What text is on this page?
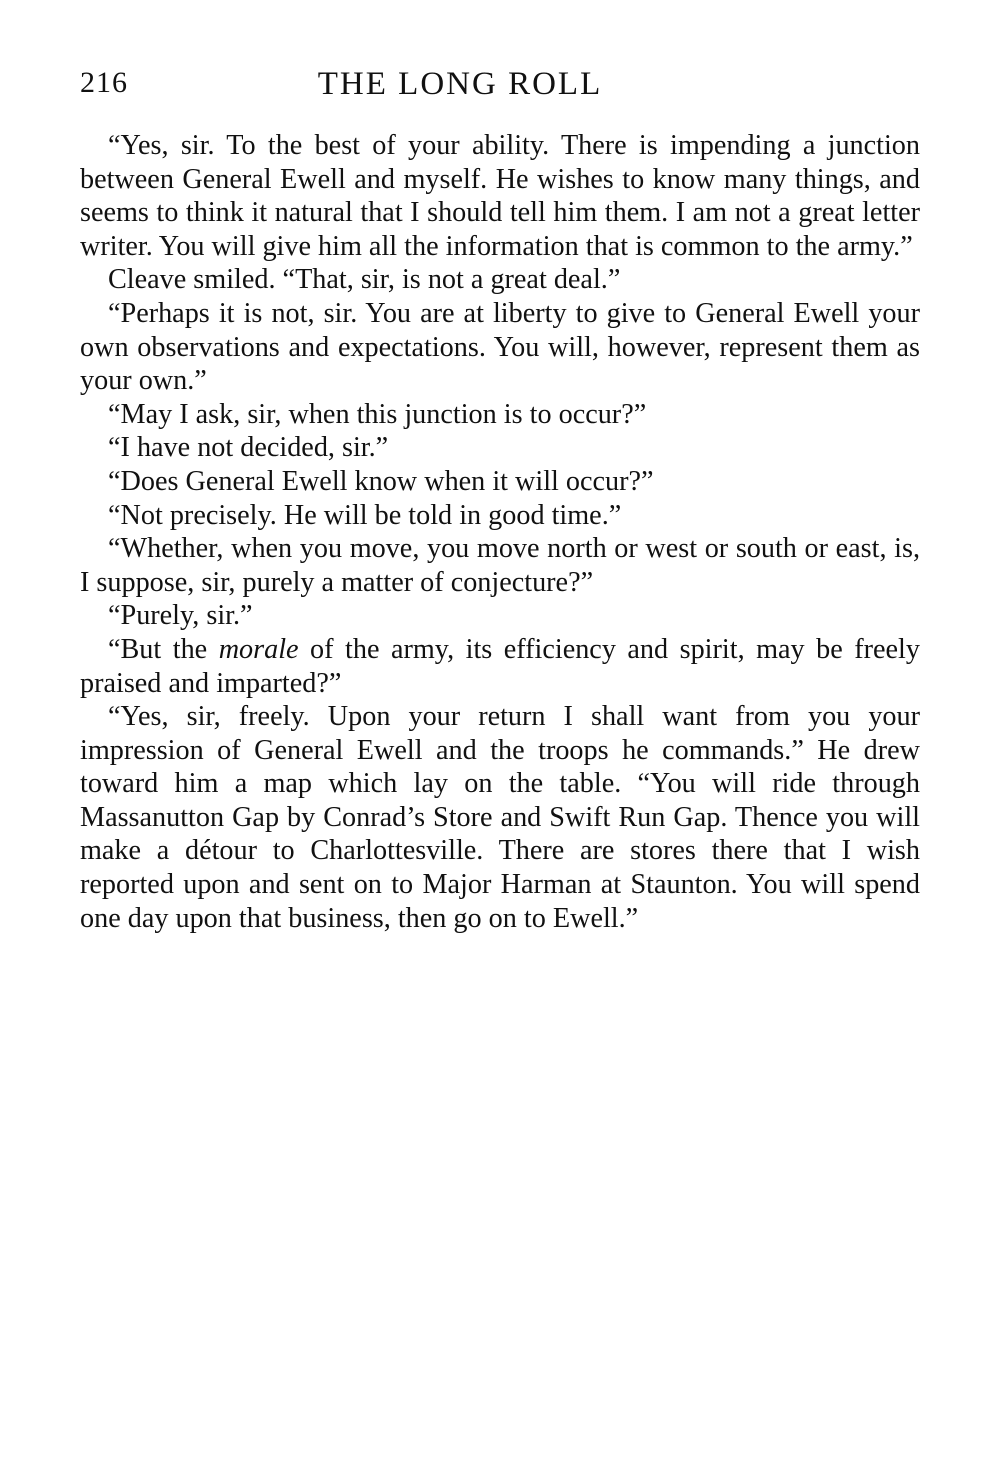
216	THE LONG ROLL

“Yes, sir. To the best of your ability. There is impending a junction between General Ewell and myself. He wishes to know many things, and seems to think it natural that I should tell him them. I am not a great letter writer. You will give him all the information that is common to the army.”

Cleave smiled. “That, sir, is not a great deal.”

“Perhaps it is not, sir. You are at liberty to give to General Ewell your own observations and expectations. You will, however, represent them as your own.”

“May I ask, sir, when this junction is to occur?”

“I have not decided, sir.”

“Does General Ewell know when it will occur?”

“Not precisely. He will be told in good time.”

“Whether, when you move, you move north or west or south or east, is, I suppose, sir, purely a matter of conjecture?”

“Purely, sir.”

“But the morale of the army, its efficiency and spirit, may be freely praised and imparted?”

“Yes, sir, freely. Upon your return I shall want from you your impression of General Ewell and the troops he commands.” He drew toward him a map which lay on the table. “You will ride through Massanutton Gap by Conrad’s Store and Swift Run Gap. Thence you will make a détour to Charlottesville. There are stores there that I wish reported upon and sent on to Major Harman at Staunton. You will spend one day upon that business, then go on to Ewell.”
